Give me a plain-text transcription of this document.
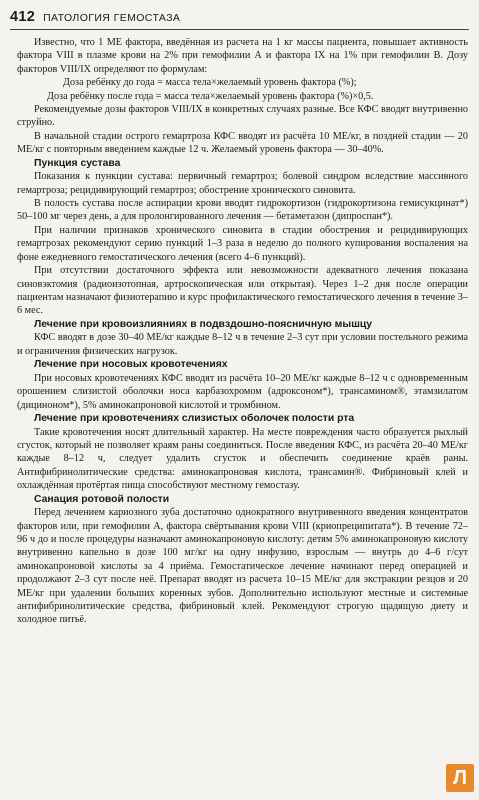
412 ПАТОЛОГИЯ ГЕМОСТАЗА

Известно, что 1 МЕ фактора, введённая из расчета на 1 кг массы пациента, повышает активность фактора VIII в плазме крови на 2% при гемофилии А и фактора IX на 1% при гемофилии В. Дозу факторов VIII/IX определяют по формулам:

Доза ребёнку до года = масса тела×желаемый уровень фактора (%);

Доза ребёнку после года = масса тела×желаемый уровень фактора (%)×0,5.

Рекомендуемые дозы факторов VIII/IX в конкретных случаях разные. Все КФС вводят внутривенно струйно.

В начальной стадии острого гемартроза КФС вводят из расчёта 10 МЕ/кг, в поздней стадии — 20 МЕ/кг с повторным введением каждые 12 ч. Желаемый уровень фактора — 30–40%.

Пункция сустава

Показания к пункции сустава: первичный гемартроз; болевой синдром вследствие массивного гемартроза; рецидивирующий гемартроз; обострение хронического синовита.

В полость сустава после аспирации крови вводят гидрокортизон (гидрокортизона гемисукцинат*) 50–100 мг через день, а для пролонгированного лечения — бетаметазон (дипроспан*).

При наличии признаков хронического синовита в стадии обострения и рецидивирующих гемартрозах рекомендуют серию пункций 1–3 раза в неделю до полного купирования воспаления на фоне ежедневного гемостатического лечения (всего 4–6 пункций).

При отсутствии достаточного эффекта или невозможности адекватного лечения показана синовэктомия (радиоизотопная, артроскопическая или открытая). Через 1–2 дня после операции пациентам назначают физиотерапию и курс профилактического гемостатического лечения в течение 3–6 мес.

Лечение при кровоизлияниях в подвздошно-поясничную мышцу

КФС вводят в дозе 30–40 МЕ/кг каждые 8–12 ч в течение 2–3 сут при условии постельного режима и ограничения физических нагрузок.

Лечение при носовых кровотечениях

При носовых кровотечениях КФС вводят из расчёта 10–20 МЕ/кг каждые 8–12 ч с одновременным орошением слизистой оболочки носа карбазохромом (адроксоном*), трансамином®, этамзилатом (дициноном*), 5% аминокапроновой кислотой и тромбином.

Лечение при кровотечениях слизистых оболочек полости рта

Такие кровотечения носят длительный характер. На месте повреждения часто образуется рыхлый сгусток, который не позволяет краям раны соединиться. После введения КФС, из расчёта 20–40 МЕ/кг каждые 8–12 ч, следует удалить сгусток и обеспечить соединение краёв раны. Антифибринолитические средства: аминокапроновая кислота, трансамин®. Фибриновый клей и охлаждённая протёртая пища способствуют местному гемостазу.

Санация ротовой полости

Перед лечением кариозного зуба достаточно однократного внутривенного введения концентратов факторов или, при гемофилии А, фактора свёртывания крови VIII (криопреципитата*). В течение 72–96 ч до и после процедуры назначают аминокапроновую кислоту: детям 5% аминокапроновую кислоту внутривенно капельно в дозе 100 мг/кг на одну инфузию, взрослым — внутрь до 4–6 г/сут аминокапроновой кислоты за 4 приёма. Гемостатическое лечение начинают перед операцией и продолжают 2–3 сут после неё. Препарат вводят из расчета 10–15 МЕ/кг для экстракции резцов и 20 МЕ/кг при удалении больших коренных зубов. Дополнительно используют местные и системные антифибринолитические средства, фибриновый клей. Рекомендуют строгую щадящую диету и холодное питьё.

Л
